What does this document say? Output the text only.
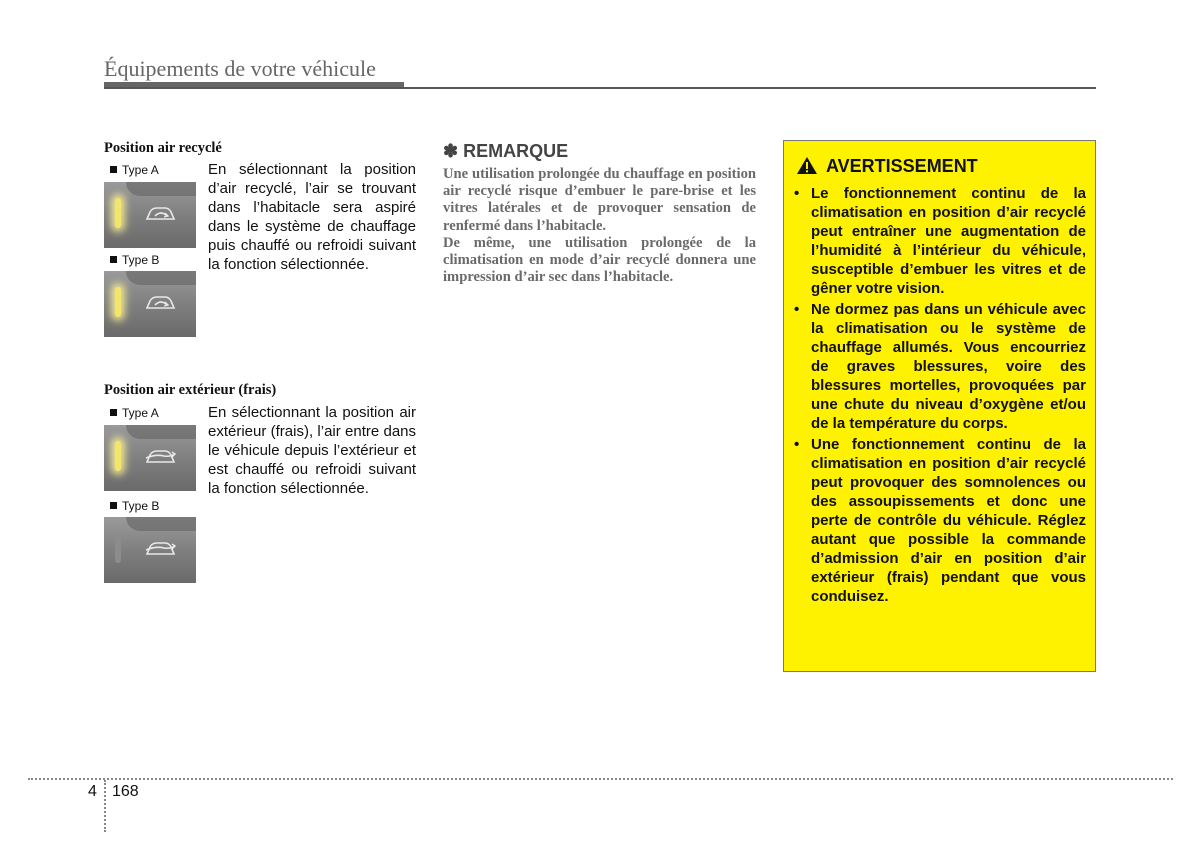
Équipements de votre véhicule
Position air recyclé
Type A
Type B
En sélectionnant la position d’air recyclé, l’air se trouvant dans l’habitacle sera aspiré dans le système de chauffage puis chauffé ou refroidi suivant la fonction sélectionnée.
Position air extérieur (frais)
Type A
Type B
En sélectionnant la position air extérieur (frais), l’air entre dans le véhicule depuis l’extérieur et est chauffé ou refroidi suivant la fonction sélectionnée.
✽ REMARQUE

Une utilisation prolongée du chauffage en position air recyclé risque d’embuer le pare-brise et les vitres latérales et de provoquer sensation de renfermé dans l’habitacle.

De même, une utilisation prolongée de la climatisation en mode d’air recyclé donnera une impression d’air sec dans l’habitacle.

AVERTISSEMENT
• Le fonctionnement continu de la climatisation en position d’air recyclé peut entraîner une augmentation de l’humidité à l’intérieur du véhicule, susceptible d’embuer les vitres et de gêner votre vision.
• Ne dormez pas dans un véhicule avec la climatisation ou le système de chauffage allumés. Vous encourriez de graves blessures, voire des blessures mortelles, provoquées par une chute du niveau d’oxygène et/ou de la température du corps.
• Une fonctionnement continu de la climatisation en position d’air recyclé peut provoquer des somnolences ou des assoupissements et donc une perte de contrôle du véhicule. Réglez autant que possible la commande d’admission d’air en position d’air extérieur (frais) pendant que vous conduisez.
4 168
